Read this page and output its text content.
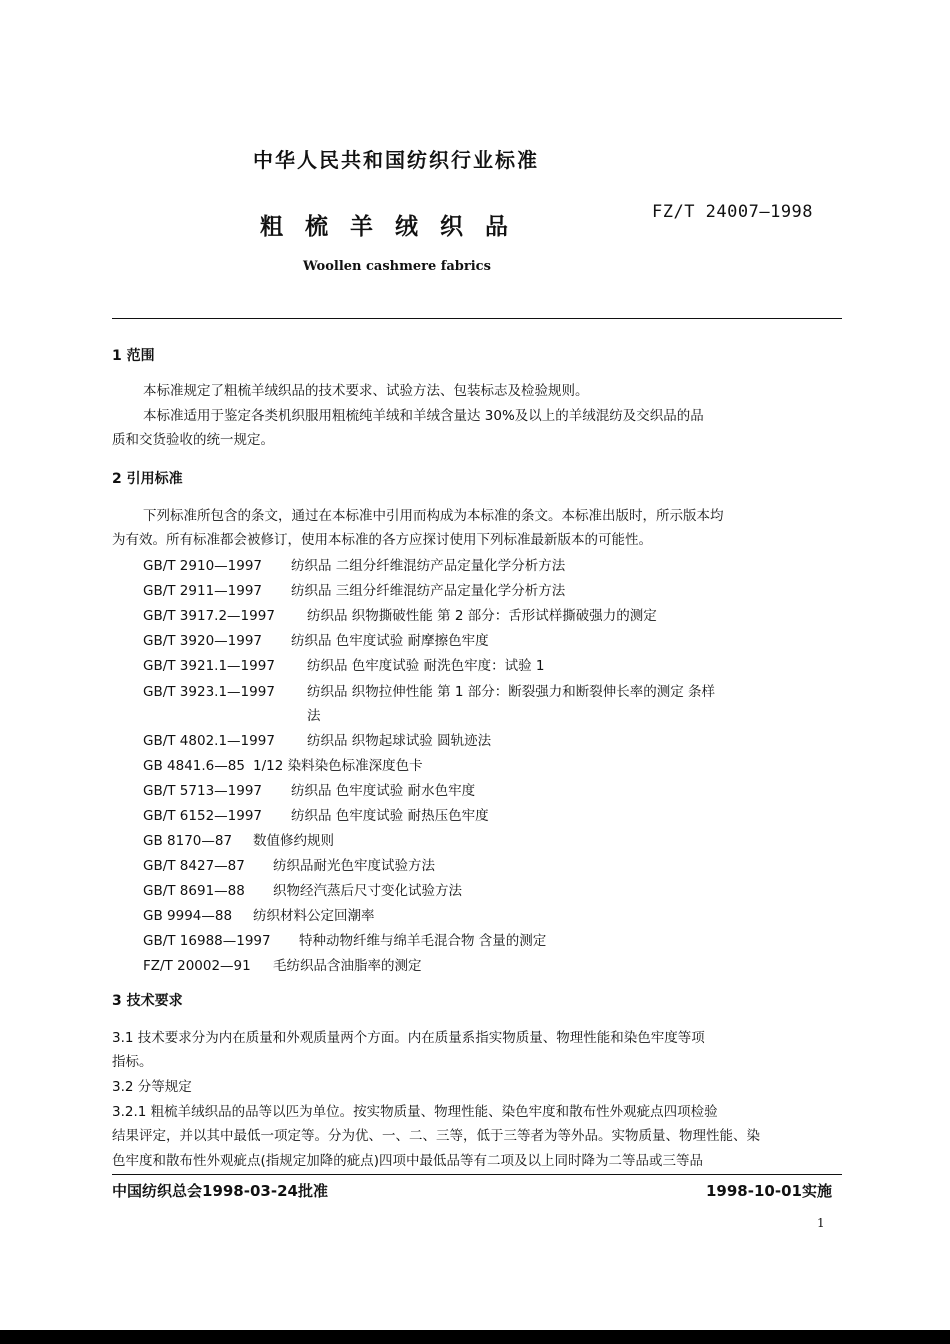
中华人民共和国纺织行业标准
FZ/T 24007—1998
粗梳羊绒织品
Woollen cashmere fabrics
1 范围
本标准规定了粗梳羊绒织品的技术要求、试验方法、包装标志及检验规则。
本标准适用于鉴定各类机织服用粗梳纯羊绒和羊绒含量达 30%及以上的羊绒混纺及交织品的品
质和交货验收的统一规定。
2 引用标准
下列标准所包含的条文，通过在本标准中引用而构成为本标准的条文。本标准出版时，所示版本均
为有效。所有标准都会被修订，使用本标准的各方应探讨使用下列标准最新版本的可能性。
GB/T 2910—1997 纺织品 二组分纤维混纺产品定量化学分析方法
GB/T 2911—1997 纺织品 三组分纤维混纺产品定量化学分析方法
GB/T 3917.2—1997 纺织品 织物撕破性能 第 2 部分：舌形试样撕破强力的测定
GB/T 3920—1997 纺织品 色牢度试验 耐摩擦色牢度
GB/T 3921.1—1997 纺织品 色牢度试验 耐洗色牢度：试验 1
GB/T 3923.1—1997 纺织品 织物拉伸性能 第 1 部分：断裂强力和断裂伸长率的测定 条样
法
GB/T 4802.1—1997 纺织品 织物起球试验 圆轨迹法
GB 4841.6—85 1/12 染料染色标准深度色卡
GB/T 5713—1997 纺织品 色牢度试验 耐水色牢度
GB/T 6152—1997 纺织品 色牢度试验 耐热压色牢度
GB 8170—87 数值修约规则
GB/T 8427—87 纺织品耐光色牢度试验方法
GB/T 8691—88 织物经汽蒸后尺寸变化试验方法
GB 9994—88 纺织材料公定回潮率
GB/T 16988—1997 特种动物纤维与绵羊毛混合物 含量的测定
FZ/T 20002—91 毛纺织品含油脂率的测定
3 技术要求
3.1 技术要求分为内在质量和外观质量两个方面。内在质量系指实物质量、物理性能和染色牢度等项
指标。
3.2 分等规定
3.2.1 粗梳羊绒织品的品等以匹为单位。按实物质量、物理性能、染色牢度和散布性外观疵点四项检验
结果评定，并以其中最低一项定等。分为优、一、二、三等，低于三等者为等外品。实物质量、物理性能、染
色牢度和散布性外观疵点(指规定加降的疵点)四项中最低品等有二项及以上同时降为二等品或三等品
中国纺织总会1998-03-24批准	1998-10-01实施
1
